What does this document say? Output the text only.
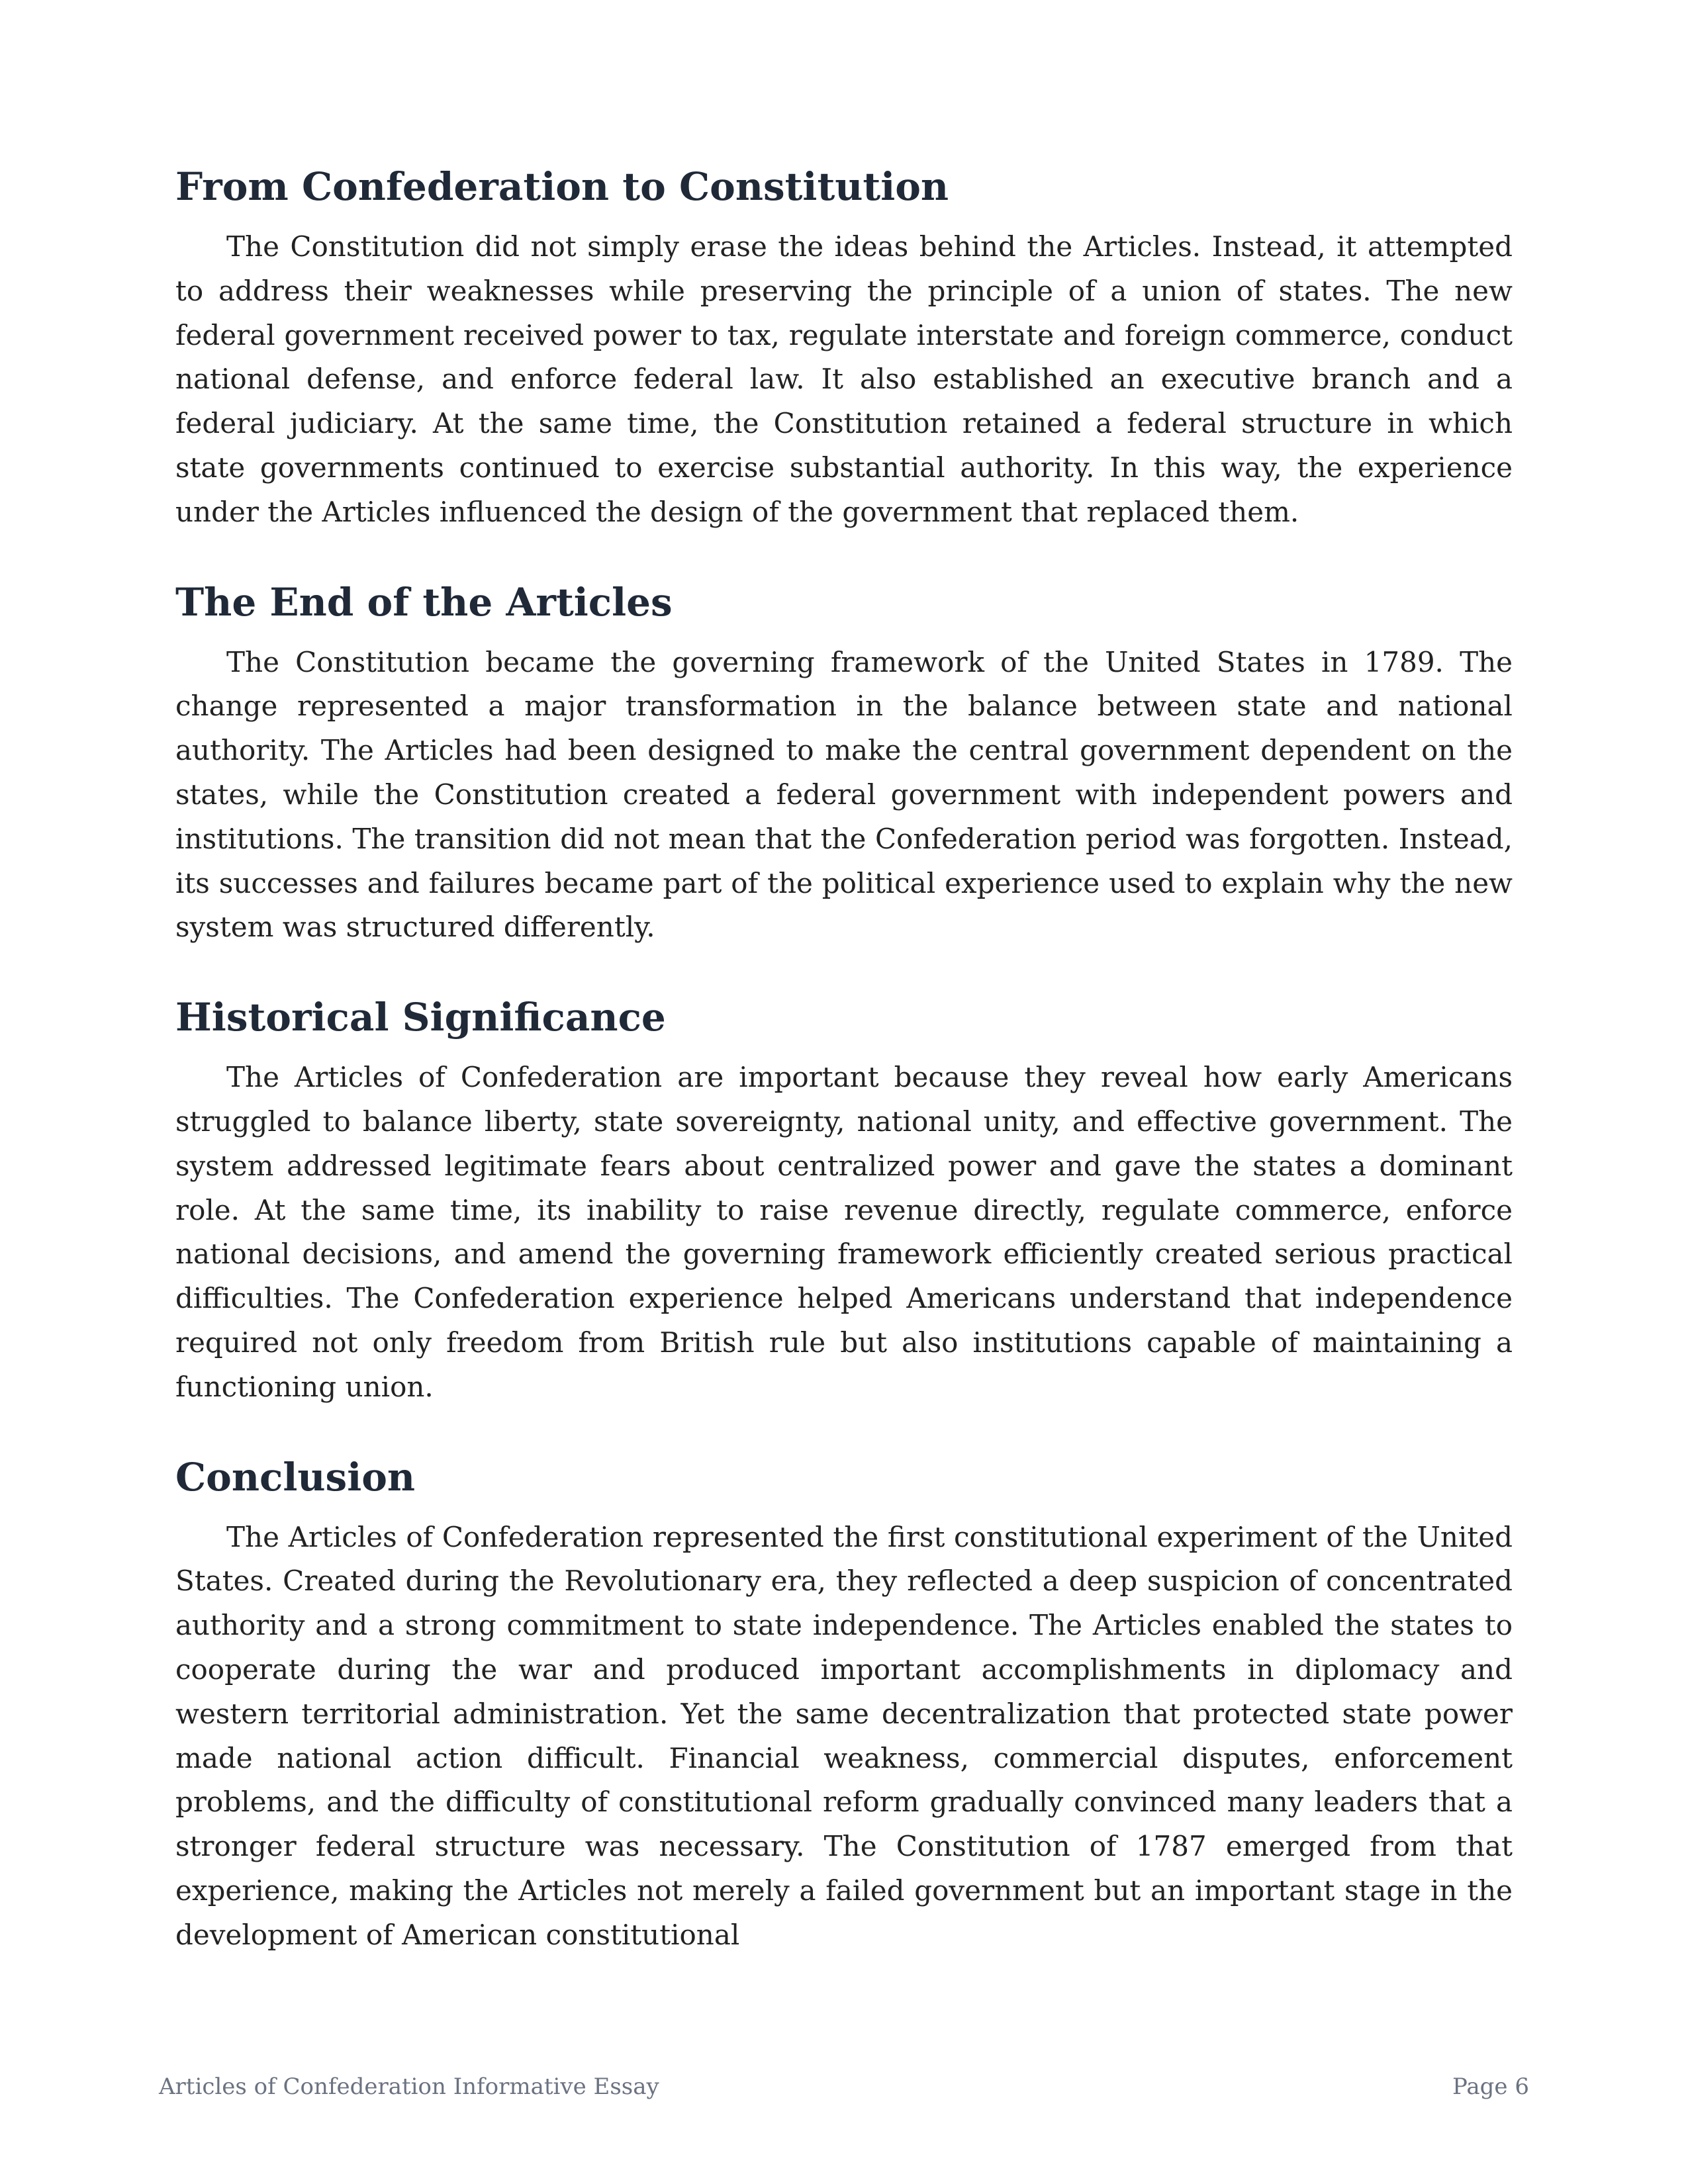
From Confederation to Constitution

The Constitution did not simply erase the ideas behind the Articles. Instead, it attempted to address their weaknesses while preserving the principle of a union of states. The new federal government received power to tax, regulate interstate and foreign commerce, conduct national defense, and enforce federal law. It also established an executive branch and a federal judiciary. At the same time, the Constitution retained a federal structure in which state governments continued to exercise substantial authority. In this way, the experience under the Articles influenced the design of the government that replaced them.

The End of the Articles

The Constitution became the governing framework of the United States in 1789. The change represented a major transformation in the balance between state and national authority. The Articles had been designed to make the central government dependent on the states, while the Constitution created a federal government with independent powers and institutions. The transition did not mean that the Confederation period was forgotten. Instead, its successes and failures became part of the political experience used to explain why the new system was structured differently.

Historical Significance

The Articles of Confederation are important because they reveal how early Americans struggled to balance liberty, state sovereignty, national unity, and effective government. The system addressed legitimate fears about centralized power and gave the states a dominant role. At the same time, its inability to raise revenue directly, regulate commerce, enforce national decisions, and amend the governing framework efficiently created serious practical difficulties. The Confederation experience helped Americans understand that independence required not only freedom from British rule but also institutions capable of maintaining a functioning union.

Conclusion

The Articles of Confederation represented the first constitutional experiment of the United States. Created during the Revolutionary era, they reflected a deep suspicion of concentrated authority and a strong commitment to state independence. The Articles enabled the states to cooperate during the war and produced important accomplishments in diplomacy and western territorial administration. Yet the same decentralization that protected state power made national action difficult. Financial weakness, commercial disputes, enforcement problems, and the difficulty of constitutional reform gradually convinced many leaders that a stronger federal structure was necessary. The Constitution of 1787 emerged from that experience, making the Articles not merely a failed government but an important stage in the development of American constitutional

Articles of Confederation Informative Essay	Page 6
